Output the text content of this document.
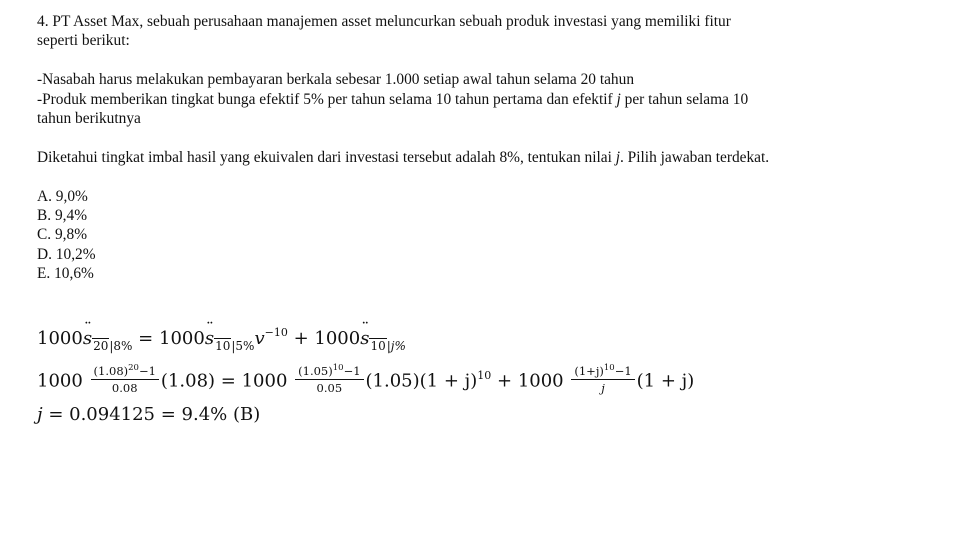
4. PT Asset Max, sebuah perusahaan manajemen asset meluncurkan sebuah produk investasi yang memiliki fitur
seperti berikut:

-Nasabah harus melakukan pembayaran berkala sebesar 1.000 setiap awal tahun selama 20 tahun

-Produk memberikan tingkat bunga efektif 5% per tahun selama 10 tahun pertama dan efektif j per tahun selama 10
tahun berikutnya

Diketahui tingkat imbal hasil yang ekuivalen dari investasi tersebut adalah 8%, tentukan nilai j. Pilih jawaban terdekat.

A. 9,0%

B. 9,4%

C. 9,8%

D. 10,2%

E. 10,6%

1000¨ $s_{20|8\%}$ = 1000¨ $s_{10|5\%}v^{-10}$ + 1000¨ $s_{10|j\%}$
$1000 \frac{(1.08)^{20}-1}{0.08} (1.08) = 1000 \frac{(1.05)^{10}-1}{0.05} (1.05)(1 + j)^{10} + 1000 \frac{(1+j)^{10}-1}{j} (1 + j)$
j = 0.094125 = 9.4% (B)
